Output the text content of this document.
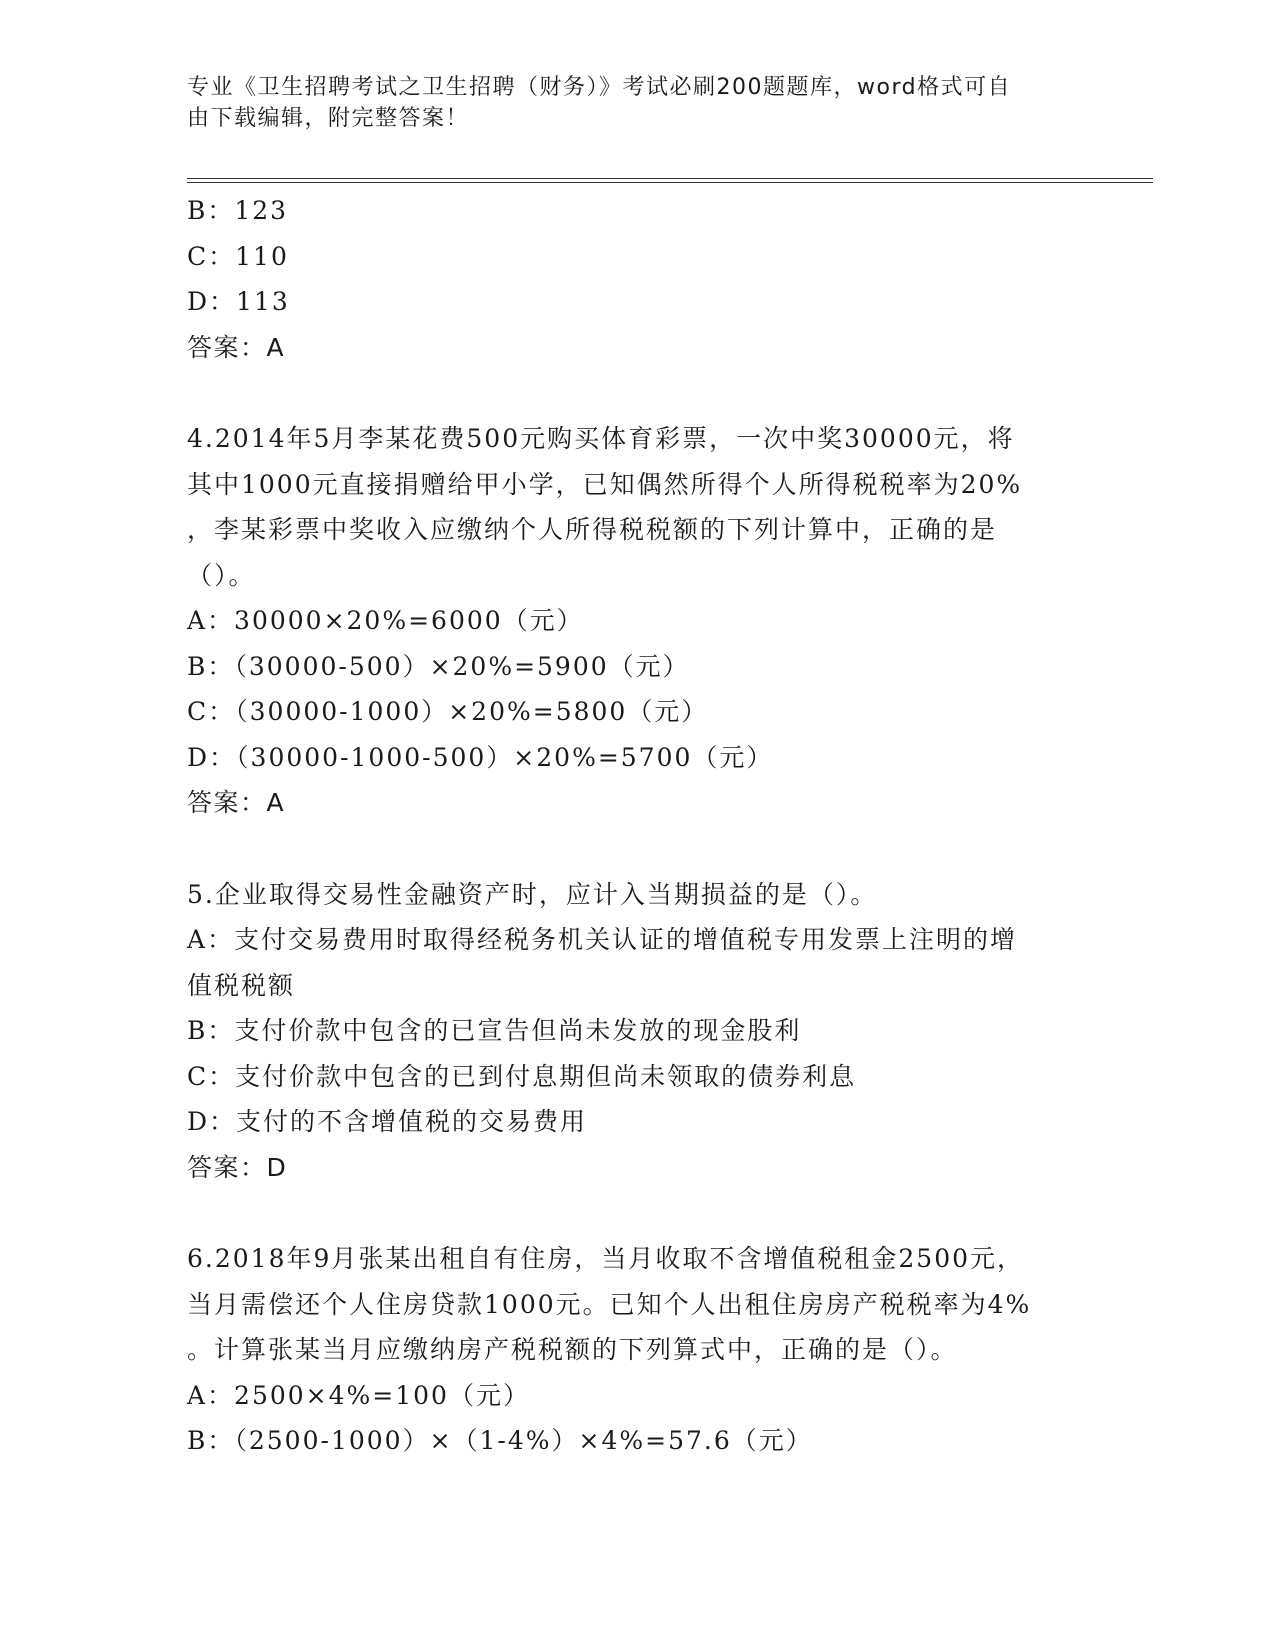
专业《卫生招聘考试之卫生招聘（财务）》考试必刷200题题库，word格式可自
由下载编辑，附完整答案！
B：123
C：110
D：113
答案：A
4.2014年5月李某花费500元购买体育彩票，一次中奖30000元，将
其中1000元直接捐赠给甲小学，已知偶然所得个人所得税税率为20%
，李某彩票中奖收入应缴纳个人所得税税额的下列计算中，正确的是
（）。
A：30000×20%=6000（元）
B：（30000-500）×20%=5900（元）
C：（30000-1000）×20%=5800（元）
D：（30000-1000-500）×20%=5700（元）
答案：A
5.企业取得交易性金融资产时，应计入当期损益的是（）。
A：支付交易费用时取得经税务机关认证的增值税专用发票上注明的增
值税税额
B：支付价款中包含的已宣告但尚未发放的现金股利
C：支付价款中包含的已到付息期但尚未领取的债券利息
D：支付的不含增值税的交易费用
答案：D
6.2018年9月张某出租自有住房，当月收取不含增值税租金2500元，
当月需偿还个人住房贷款1000元。已知个人出租住房房产税税率为4%
。计算张某当月应缴纳房产税税额的下列算式中，正确的是（）。
A：2500×4%=100（元）
B：（2500-1000）×（1-4%）×4%=57.6（元）
